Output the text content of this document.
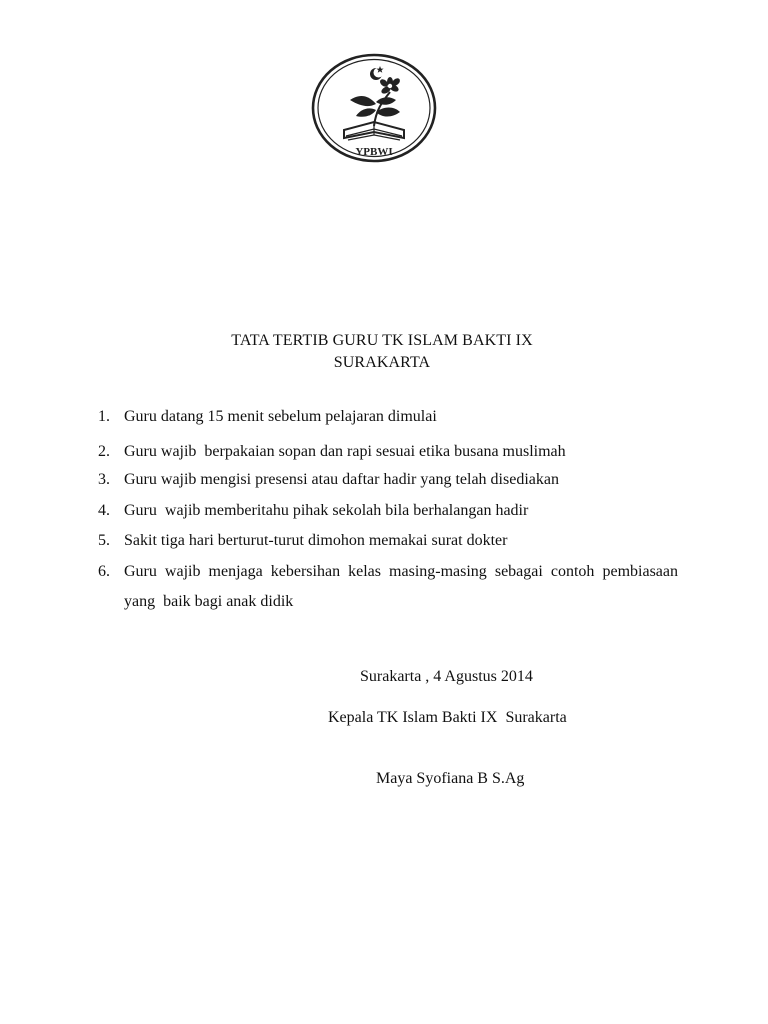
YPBWI
TATA TERTIB GURU TK ISLAM BAKTI IX
SURAKARTA
1. Guru datang 15 menit sebelum pelajaran dimulai
2. Guru wajib  berpakaian sopan dan rapi sesuai etika busana muslimah
3. Guru wajib mengisi presensi atau daftar hadir yang telah disediakan
4. Guru  wajib memberitahu pihak sekolah bila berhalangan hadir
5. Sakit tiga hari berturut-turut dimohon memakai surat dokter
6. Guru wajib menjaga kebersihan kelas masing-masing sebagai contoh pembiasaan yang  baik bagi anak didik
Surakarta , 4 Agustus 2014
Kepala TK Islam Bakti IX  Surakarta
Maya Syofiana B S.Ag
